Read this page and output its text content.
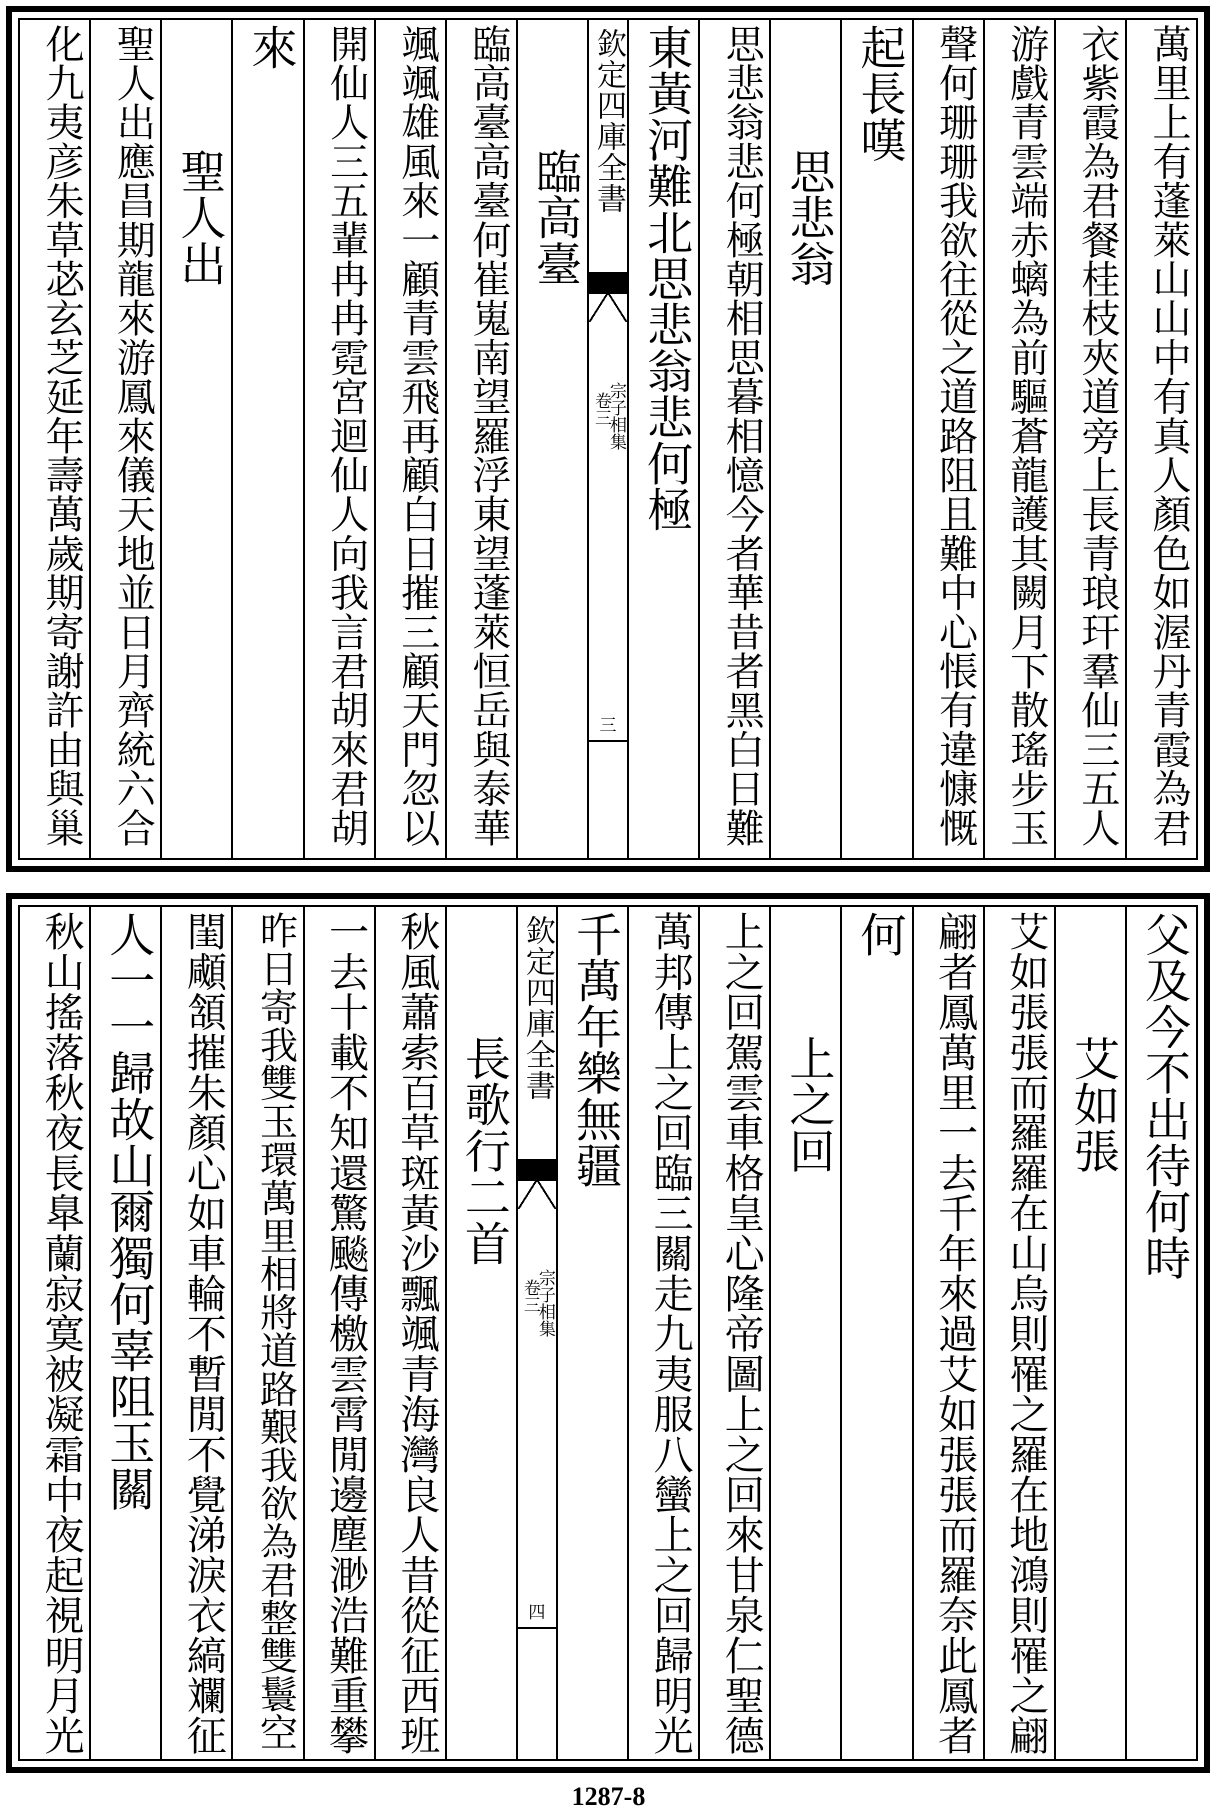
萬里上有蓬萊山山中有真人顏色如渥丹青霞為君
衣紫霞為君餐桂枝夾道旁上長青琅玕羣仙三五人
游戲青雲端赤螭為前驅蒼龍護其闕月下散瑤步玉
聲何珊珊我欲往從之道路阻且難中心悵有違慷慨
起長嘆
思悲翁
思悲翁悲何極朝相思暮相憶今者華昔者黑白日難
東黃河難北思悲翁悲何極
欽定四庫全書
宗子相集
卷三
三
臨高臺
臨高臺高臺何崔嵬南望羅浮東望蓬萊恒岳與泰華
颯颯雄風來一顧青雲飛再顧白日摧三顧天門忽以
開仙人三五輩冉冉霓宮迴仙人向我言君胡來君胡
來
聖人出
聖人出應昌期龍來游鳳來儀天地並日月齊統六合
化九夷彦朱草苾玄芝延年壽萬歲期寄謝許由與巢
父及今不出待何時
艾如張
艾如張張而羅羅在山烏則罹之羅在地鴻則罹之翩
翩者鳳萬里一去千年來過艾如張張而羅奈此鳳者
何
上之回
上之回駕雲車格皇心隆帝圖上之回來甘泉仁聖德
萬邦傳上之回臨三關走九夷服八蠻上之回歸明光
千萬年樂無疆
欽定四庫全書
宗子相集
卷三
四
長歌行二首
秋風蕭索百草斑黃沙飄颯青海灣良人昔從征西班
一去十載不知還驚飈傳檄雲霄閒邊塵渺浩難重攀
昨日寄我雙玉環萬里相將道路艱我欲為君整雙鬟空
閨顑頷摧朱顏心如車輪不暫閒不覺涕淚衣縞斕征
人一一歸故山爾獨何辜阻玉關
秋山搖落秋夜長臯蘭寂寞被凝霜中夜起視明月光
1287-8
